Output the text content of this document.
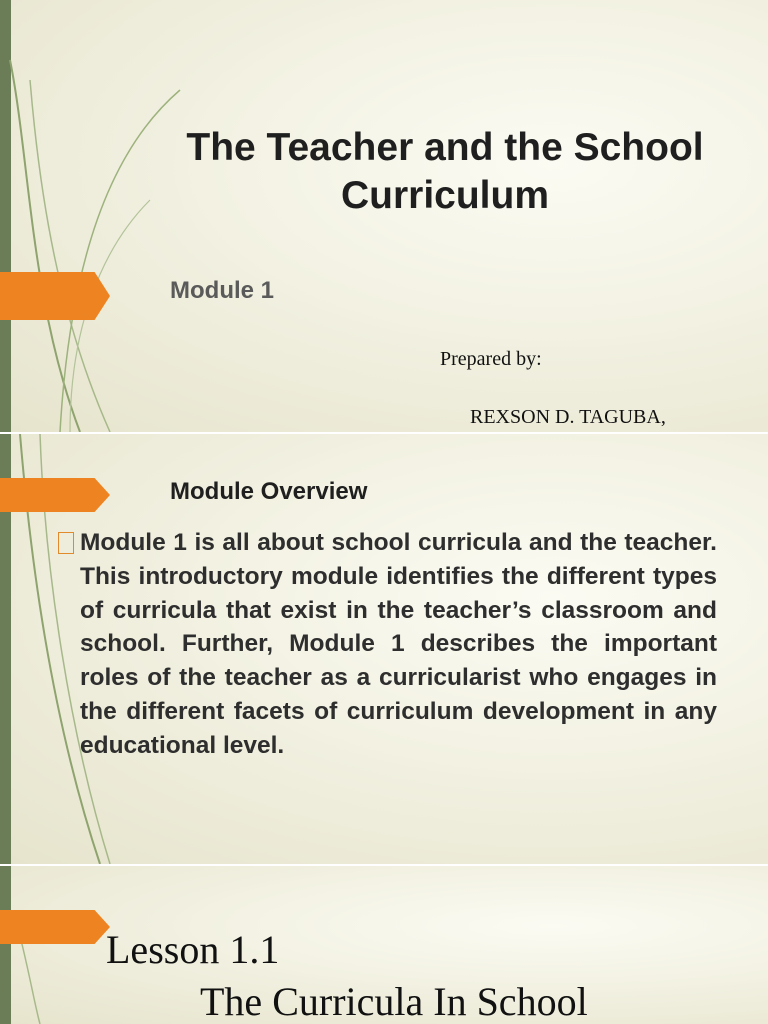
The Teacher and the School Curriculum
Module 1
Prepared by:
REXSON D. TAGUBA,
Module Overview

Module 1 is all about school curricula and the teacher. This introductory module identifies the different types of curricula that exist in the teacher’s classroom and school. Further, Module 1 describes the important roles of the teacher as a curricularist who engages in the different facets of curriculum development in any educational level.

Lesson 1.1
The Curricula In School
